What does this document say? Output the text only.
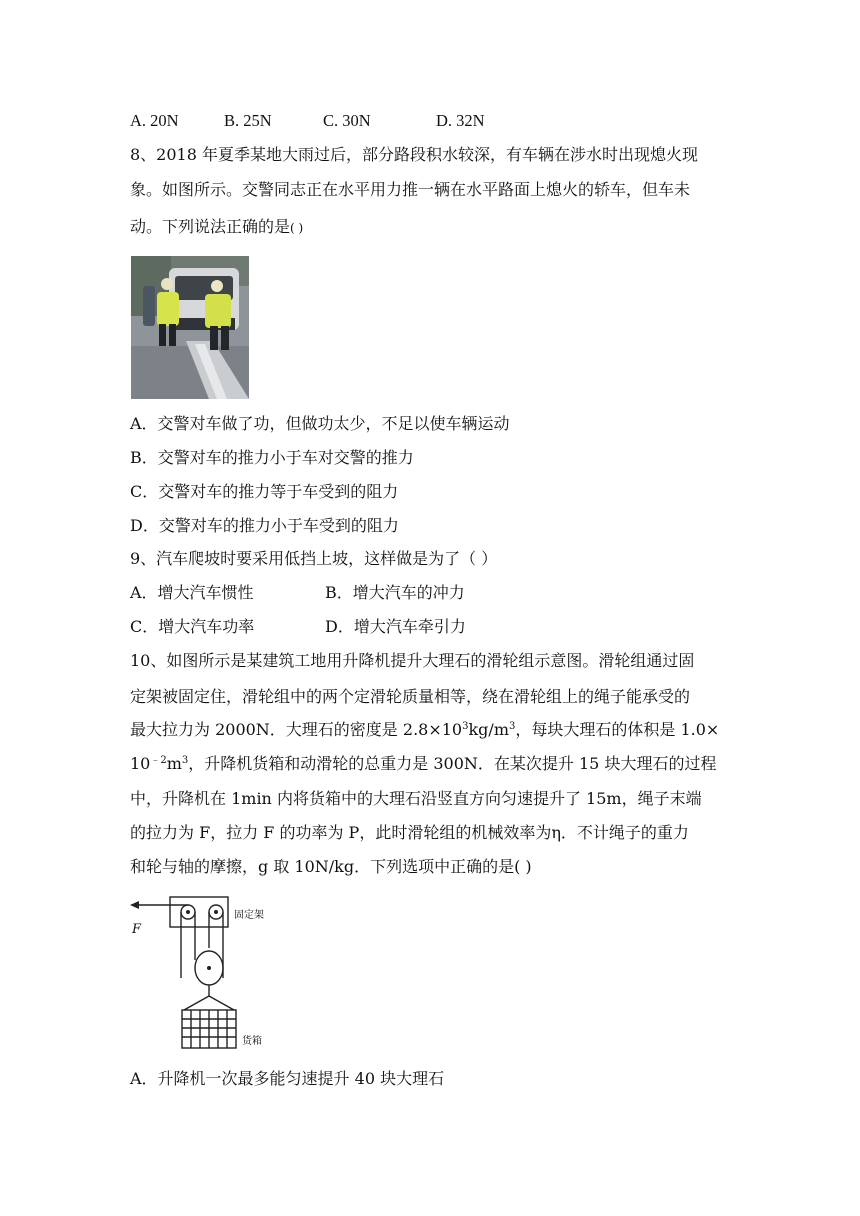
A. 20N	B. 25N	C. 30N	D. 32N
8、2018 年夏季某地大雨过后，部分路段积水较深，有车辆在涉水时出现熄火现
象。如图所示。交警同志正在水平用力推一辆在水平路面上熄火的轿车，但车未
动。下列说法正确的是( )
A．交警对车做了功，但做功太少，不足以使车辆运动
B．交警对车的推力小于车对交警的推力
C．交警对车的推力等于车受到的阻力
D．交警对车的推力小于车受到的阻力
9、汽车爬坡时要采用低挡上坡，这样做是为了（ ）
A．增大汽车惯性	B．增大汽车的冲力
C．增大汽车功率	D．增大汽车牵引力
10、如图所示是某建筑工地用升降机提升大理石的滑轮组示意图。滑轮组通过固
定架被固定住，滑轮组中的两个定滑轮质量相等，绕在滑轮组上的绳子能承受的
最大拉力为 2000N．大理石的密度是 $2.8\times 10^3kg/m^3$，每块大理石的体积是 1.0×
$10^{﹣2}m^3$，升降机货箱和动滑轮的总重力是 300N．在某次提升 15 块大理石的过程
中，升降机在 1min 内将货箱中的大理石沿竖直方向匀速提升了 15m，绳子末端
的拉力为 F，拉力 F 的功率为 P，此时滑轮组的机械效率为η．不计绳子的重力
和轮与轴的摩擦，g 取 10N/kg．下列选项中正确的是( )
F
固定架
货箱
A．升降机一次最多能匀速提升 40 块大理石
